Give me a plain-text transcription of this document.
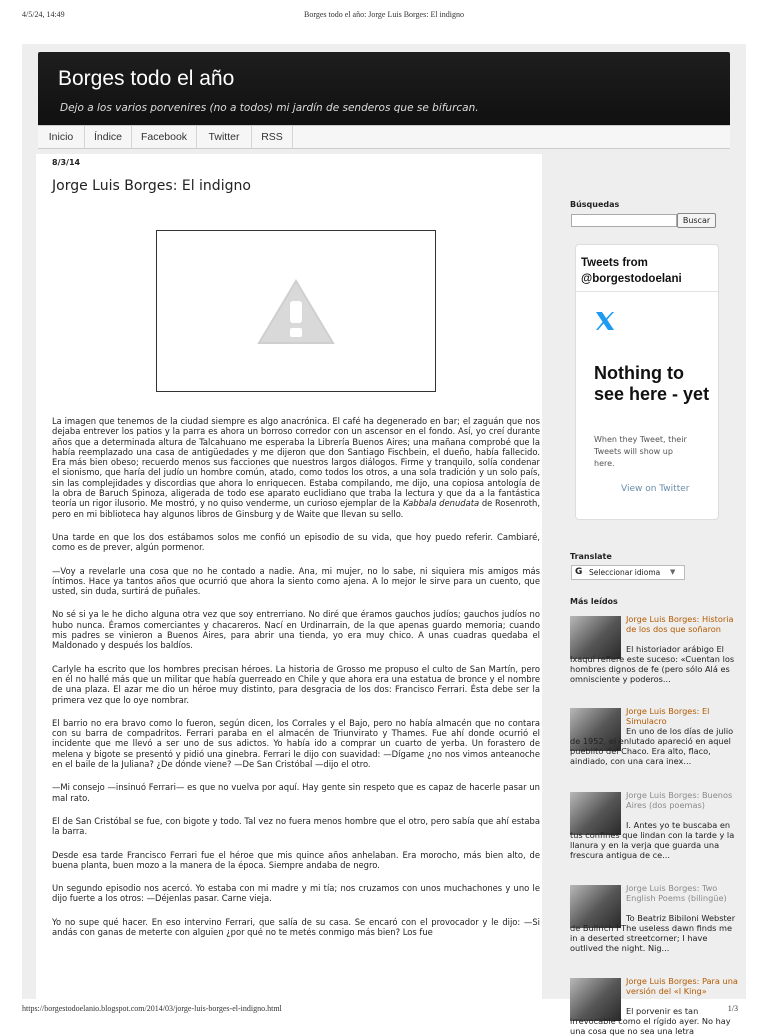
4/5/24, 14:49	Borges todo el año: Jorge Luis Borges: El indigno
Borges todo el año
Dejo a los varios porvenires (no a todos) mi jardín de senderos que se bifurcan.
Inicio	Índice	Facebook	Twitter	RSS
8/3/14
Jorge Luis Borges: El indigno

La imagen que tenemos de la ciudad siempre es algo anacrónica. El café ha degenerado en bar; el zaguán que nos dejaba entrever los patios y la parra es ahora un borroso corredor con un ascensor en el fondo. Así, yo creí durante años que a determinada altura de Talcahuano me esperaba la Librería Buenos Aires; una mañana comprobé que la había reemplazado una casa de antigüedades y me dijeron que don Santiago Fischbein, el dueño, había fallecido. Era más bien obeso; recuerdo menos sus facciones que nuestros largos diálogos. Firme y tranquilo, solía condenar el sionismo, que haría del judío un hombre común, atado, como todos los otros, a una sola tradición y un solo país, sin las complejidades y discordias que ahora lo enriquecen. Estaba compilando, me dijo, una copiosa antología de la obra de Baruch Spinoza, aligerada de todo ese aparato euclidiano que traba la lectura y que da a la fantástica teoría un rigor ilusorio. Me mostró, y no quiso venderme, un curioso ejemplar de la Kabbala denudata de Rosenroth, pero en mi biblioteca hay algunos libros de Ginsburg y de Waite que llevan su sello.

Una tarde en que los dos estábamos solos me confió un episodio de su vida, que hoy puedo referir. Cambiaré, como es de prever, algún pormenor.

—Voy a revelarle una cosa que no he contado a nadie. Ana, mi mujer, no lo sabe, ni siquiera mis amigos más íntimos. Hace ya tantos años que ocurrió que ahora la siento como ajena. A lo mejor le sirve para un cuento, que usted, sin duda, surtirá de puñales.

No sé si ya le he dicho alguna otra vez que soy entrerriano. No diré que éramos gauchos judíos; gauchos judíos no hubo nunca. Éramos comerciantes y chacareros. Nací en Urdinarrain, de la que apenas guardo memoria; cuando mis padres se vinieron a Buenos Aires, para abrir una tienda, yo era muy chico. A unas cuadras quedaba el Maldonado y después los baldíos.

Carlyle ha escrito que los hombres precisan héroes. La historia de Grosso me propuso el culto de San Martín, pero en él no hallé más que un militar que había guerreado en Chile y que ahora era una estatua de bronce y el nombre de una plaza. El azar me dio un héroe muy distinto, para desgracia de los dos: Francisco Ferrari. Ésta debe ser la primera vez que lo oye nombrar.

El barrio no era bravo como lo fueron, según dicen, los Corrales y el Bajo, pero no había almacén que no contara con su barra de compadritos. Ferrari paraba en el almacén de Triunvirato y Thames. Fue ahí donde ocurrió el incidente que me llevó a ser uno de sus adictos. Yo había ido a comprar un cuarto de yerba. Un forastero de melena y bigote se presentó y pidió una ginebra. Ferrari le dijo con suavidad: —Dígame ¿no nos vimos anteanoche en el baile de la Juliana? ¿De dónde viene? —De San Cristóbal —dijo el otro.

—Mi consejo —insinuó Ferrari— es que no vuelva por aquí. Hay gente sin respeto que es capaz de hacerle pasar un mal rato.

El de San Cristóbal se fue, con bigote y todo. Tal vez no fuera menos hombre que el otro, pero sabía que ahí estaba la barra.

Desde esa tarde Francisco Ferrari fue el héroe que mis quince años anhelaban. Era morocho, más bien alto, de buena planta, buen mozo a la manera de la época. Siempre andaba de negro.

Un segundo episodio nos acercó. Yo estaba con mi madre y mi tía; nos cruzamos con unos muchachones y uno le dijo fuerte a los otros: —Déjenlas pasar. Carne vieja.

Yo no supe qué hacer. En eso intervino Ferrari, que salía de su casa. Se encaró con el provocador y le dijo: —Si andás con ganas de meterte con alguien ¿por qué no te metés conmigo más bien? Los fue

Búsquedas
Buscar
Tweets from @borgestodoelani
Nothing to see here - yet
When they Tweet, their Tweets will show up here.
View on Twitter
Translate
G Seleccionar idioma ▼
Más leídos
Jorge Luis Borges: Historia de los dos que soñaron
El historiador arábigo El Ixaquí refiere este suceso: «Cuentan los hombres dignos de fe (pero sólo Alá es omnisciente y poderos...
Jorge Luis Borges: El Simulacro
En uno de los días de julio de 1952, el enlutado apareció en aquel pueblito del Chaco. Era alto, flaco, aindiado, con una cara inex...
Jorge Luis Borges: Buenos Aires (dos poemas)
I. Antes yo te buscaba en tus confines que lindan con la tarde y la llanura y en la verja que guarda una frescura antigua de ce...
Jorge Luis Borges: Two English Poems (bilingüe)
To Beatriz Bibiloni Webster de Bullrich I The useless dawn finds me in a deserted streetcorner; I have outlived the night. Nig...
Jorge Luis Borges: Para una versión del «I King»
El porvenir es tan irrevocable como el rígido ayer. No hay una cosa que no sea una letra
https://borgestodoelanio.blogspot.com/2014/03/jorge-luis-borges-el-indigno.html	1/3
